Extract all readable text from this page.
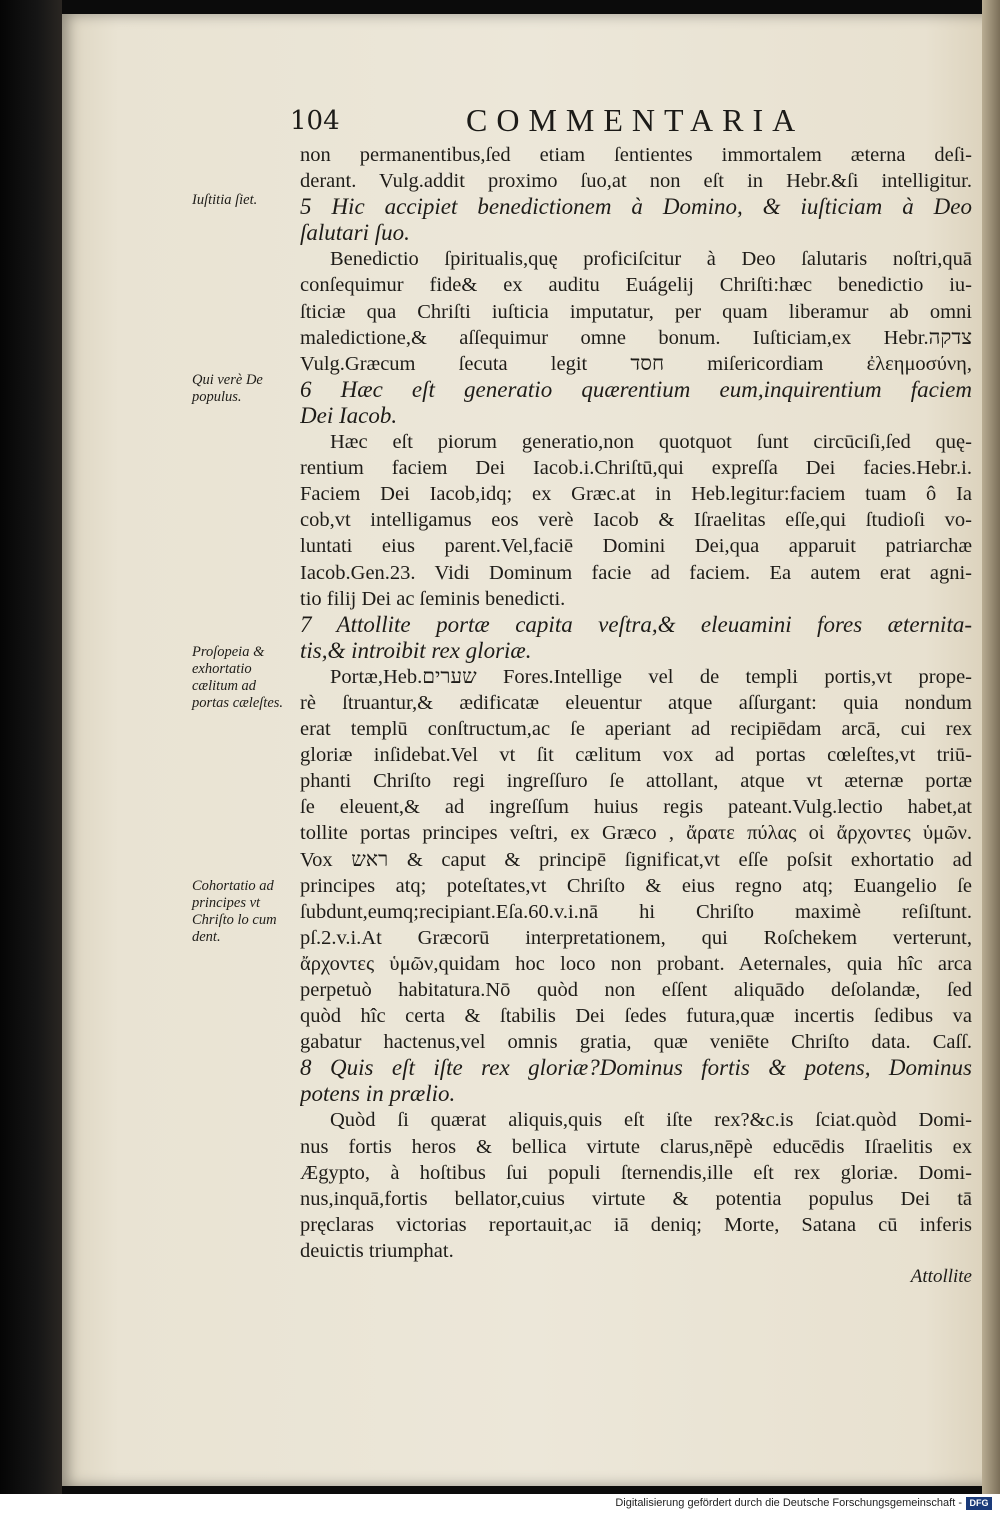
104	COMMENTARIA
Iuſtitia ſiet.
Qui verè De populus.
Proſopeia & exhortatio cælitum ad portas cæleſtes.
Cohortatio ad principes vt Chriſto lo cum dent.
non permanentibus,ſed etiam ſentientes immortalem æterna deſi-
derant. Vulg.addit proximo ſuo,at non eſt in Hebr.&ſi intelligitur.
5 Hic accipiet benedictionem à Domino, & iuſticiam à Deo
ſalutari ſuo.
Benedictio ſpiritualis,quę proficiſcitur à Deo ſalutaris noſtri,quā
conſequimur fide& ex auditu Euágelij Chriſti:hæc benedictio iu-
ſticiæ qua Chriſti iuſticia imputatur, per quam liberamur ab omni
maledictione,& aſſequimur omne bonum. Iuſticiam,ex Hebr.צדקה
Vulg.Græcum ſecuta legit חסד miſericordiam ἐλεημοσύνη,
6 Hæc eſt generatio quærentium eum,inquirentium faciem
Dei Iacob.
Hæc eſt piorum generatio,non quotquot ſunt circūciſi,ſed quę-
rentium faciem Dei Iacob.i.Chriſtū,qui expreſſa Dei facies.Hebr.i.
Faciem Dei Iacob,idq; ex Græc.at in Heb.legitur:faciem tuam ô Ia
cob,vt intelligamus eos verè Iacob & Iſraelitas eſſe,qui ſtudioſi vo-
luntati eius parent.Vel,faciē Domini Dei,qua apparuit patriarchæ
Iacob.Gen.23. Vidi Dominum facie ad faciem. Ea autem erat agni-
tio filij Dei ac ſeminis benedicti.
7 Attollite portæ capita veſtra,& eleuamini fores æternita-
tis,& introibit rex gloriæ.
Portæ,Heb.שערים Fores.Intellige vel de templi portis,vt prope-
rè ſtruantur,& ædificatæ eleuentur atque aſſurgant: quia nondum
erat templū conſtructum,ac ſe aperiant ad recipiēdam arcā, cui rex
gloriæ inſidebat.Vel vt ſit cælitum vox ad portas cœleſtes,vt triū-
phanti Chriſto regi ingreſſuro ſe attollant, atque vt æternæ portæ
ſe eleuent,& ad ingreſſum huius regis pateant.Vulg.lectio habet,at
tollite portas principes veſtri, ex Græco , ἄρατε πύλας οἱ ἄρχοντες ὑμῶν.
Vox ראש & caput & principē ſignificat,vt eſſe poſsit exhortatio ad
principes atq; poteſtates,vt Chriſto & eius regno atq; Euangelio ſe
ſubdunt,eumq;recipiant.Eſa.60.v.i.nā hi Chriſto maximè reſiſtunt.
pſ.2.v.i.At Græcorū interpretationem, qui Roſchekem verterunt,
ἄρχοντες ὑμῶν,quidam hoc loco non probant. Aeternales, quia hîc arca
perpetuò habitatura.Nō quòd non eſſent aliquādo deſolandæ, ſed
quòd hîc certa & ſtabilis Dei ſedes futura,quæ incertis ſedibus va
gabatur hactenus,vel omnis gratia, quæ veniēte Chriſto data. Caſſ.
8 Quis eſt iſte rex gloriæ?Dominus fortis & potens, Dominus
potens in prælio.
Quòd ſi quærat aliquis,quis eſt iſte rex?&c.is ſciat.quòd Domi-
nus fortis heros & bellica virtute clarus,nēpè educēdis Iſraelitis ex
Ægypto, à hoſtibus ſui populi ſternendis,ille eſt rex gloriæ. Domi-
nus,inquā,fortis bellator,cuius virtute & potentia populus Dei tā
pręclaras victorias reportauit,ac iā deniq; Morte, Satana cū inferis
deuictis triumphat.
Attollite
Digitalisierung gefördert durch die Deutsche Forschungsgemeinschaft - DFG
